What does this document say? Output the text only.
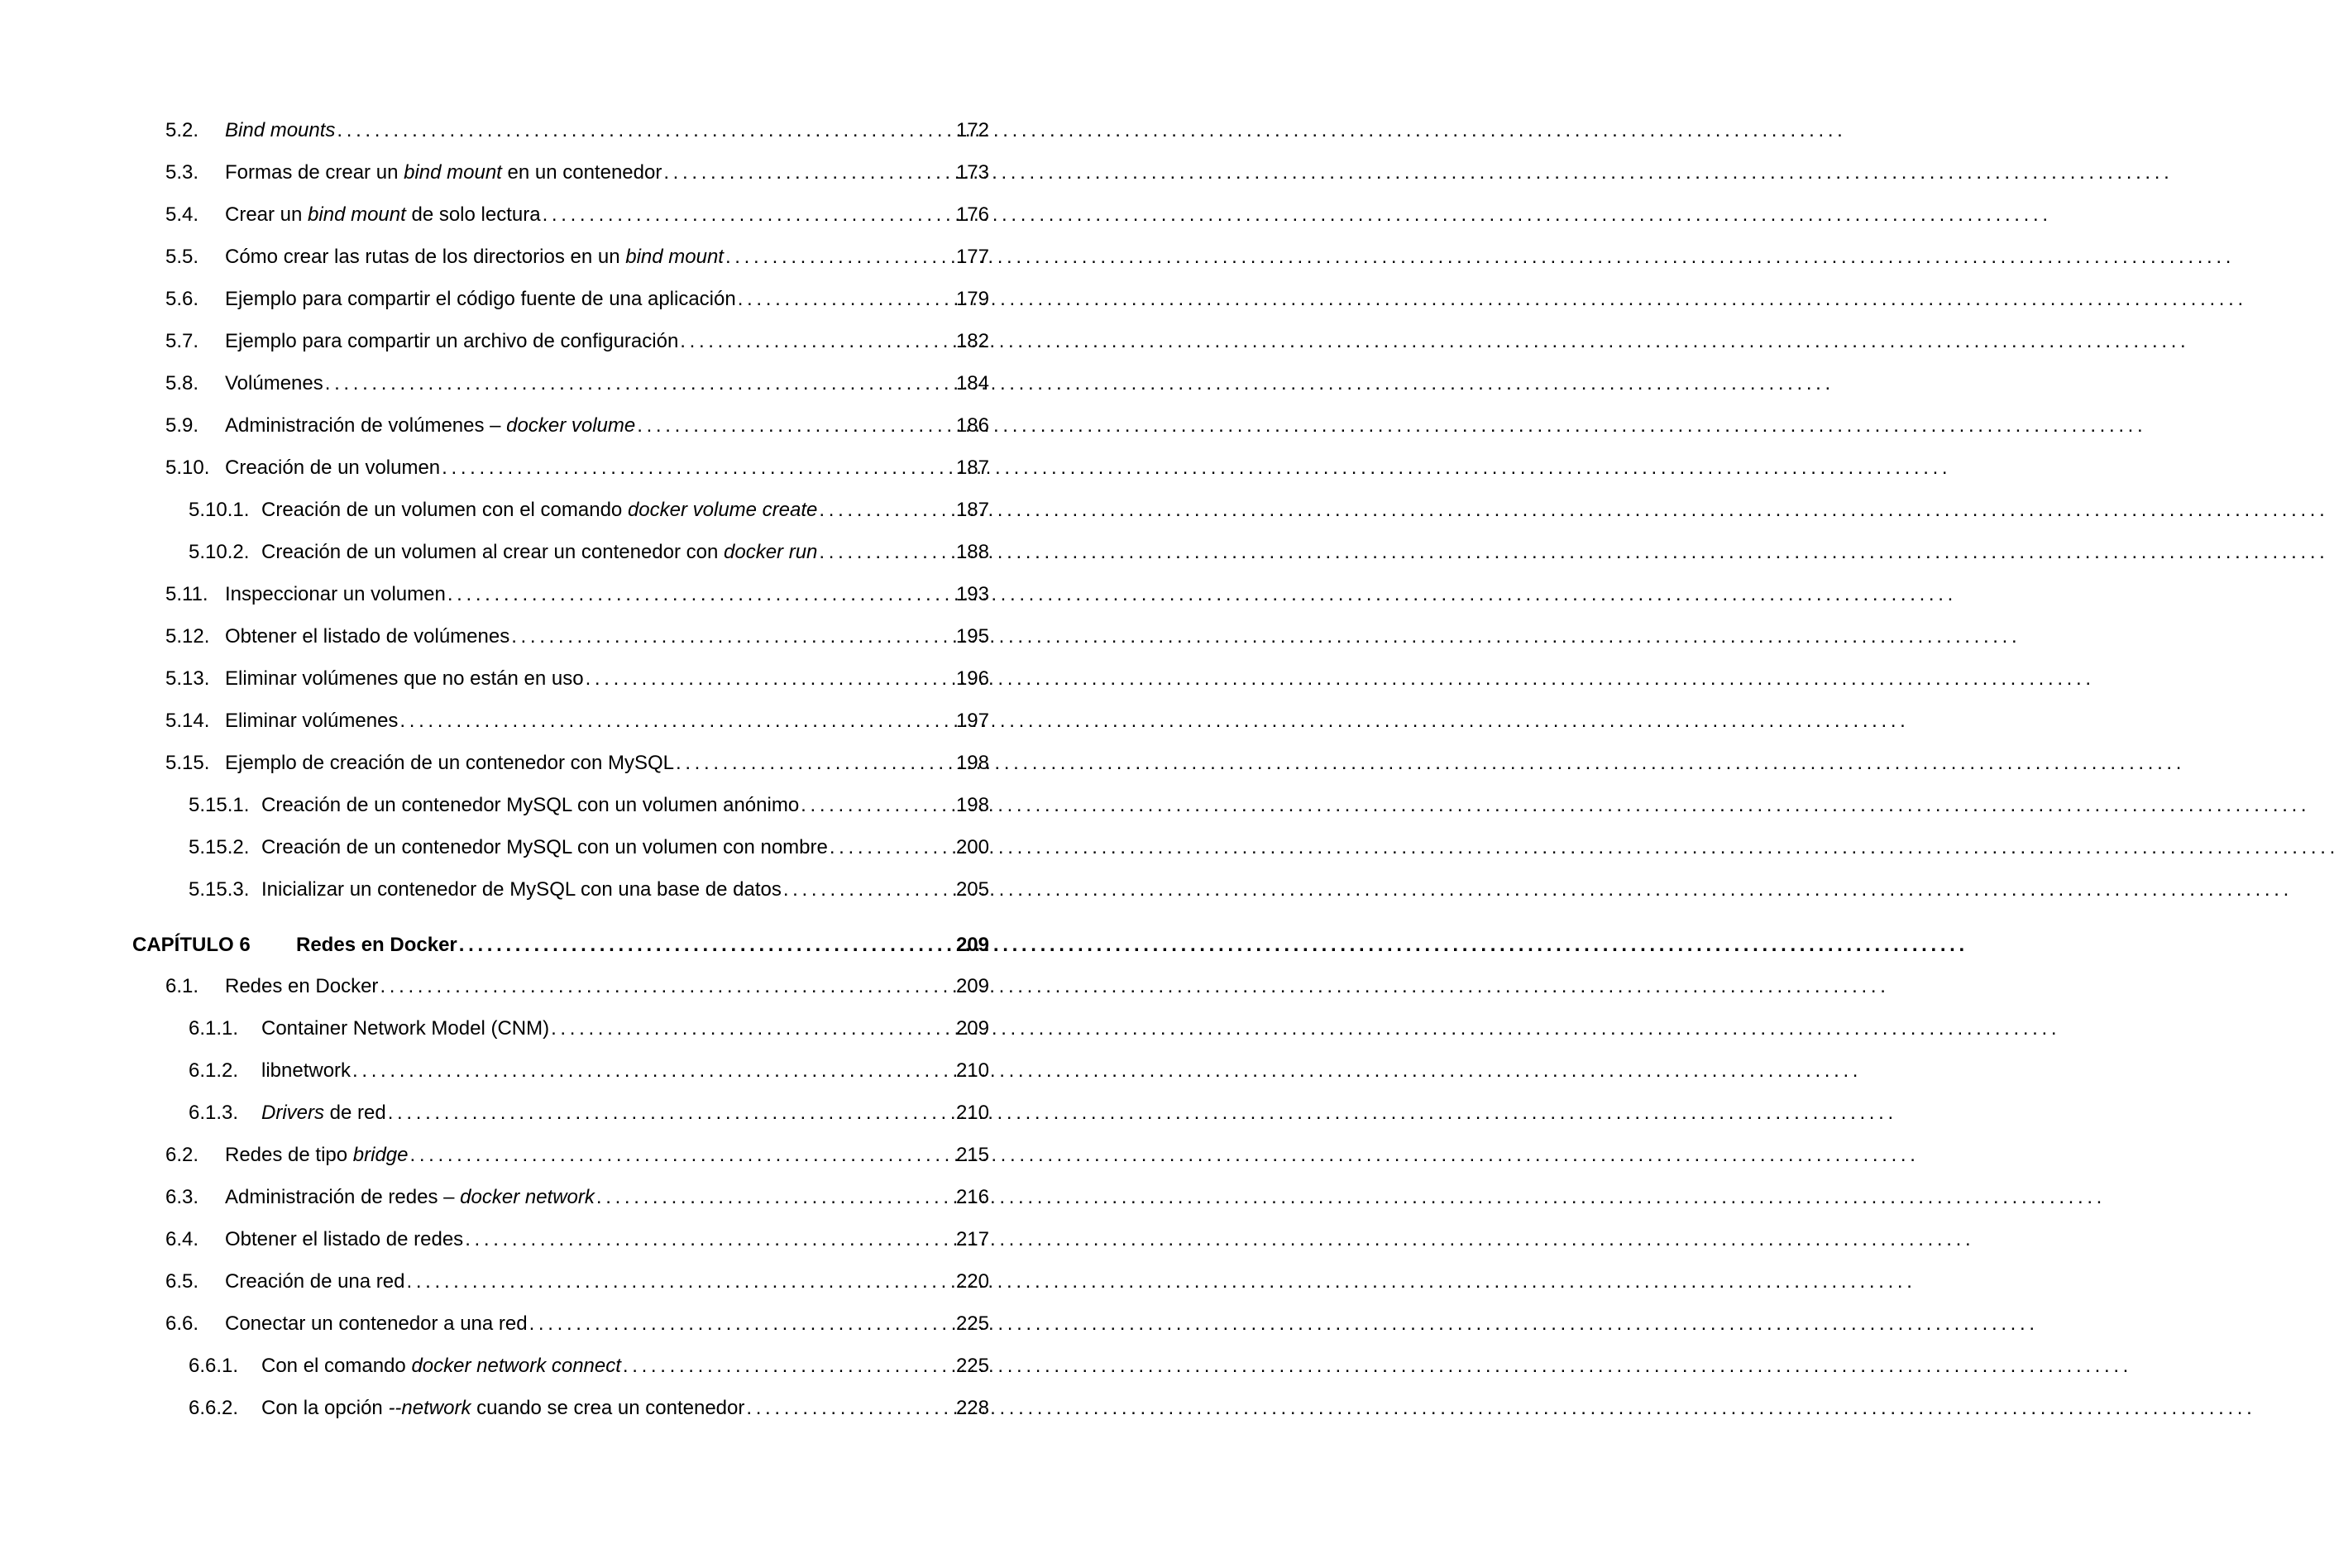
5.2.	Bind mounts . . .	172
5.3.	Formas de crear un bind mount en un contenedor . . .	173
5.4.	Crear un bind mount de solo lectura . . .	176
5.5.	Cómo crear las rutas de los directorios en un bind mount . . .	177
5.6.	Ejemplo para compartir el código fuente de una aplicación . . .	179
5.7.	Ejemplo para compartir un archivo de configuración . . .	182
5.8.	Volúmenes . . .	184
5.9.	Administración de volúmenes – docker volume . . .	186
5.10. Creación de un volumen . . .	187
5.10.1. Creación de un volumen con el comando docker volume create . . .	187
5.10.2. Creación de un volumen al crear un contenedor con docker run . . .	188
5.11. Inspeccionar un volumen . . .	193
5.12. Obtener el listado de volúmenes . . .	195
5.13. Eliminar volúmenes que no están en uso . . .	196
5.14. Eliminar volúmenes . . .	197
5.15. Ejemplo de creación de un contenedor con MySQL . . .	198
5.15.1. Creación de un contenedor MySQL con un volumen anónimo . . .	198
5.15.2. Creación de un contenedor MySQL con un volumen con nombre . . .	200
5.15.3. Inicializar un contenedor de MySQL con una base de datos . . .	205
CAPÍTULO 6	Redes en Docker . . .	209
6.1.	Redes en Docker . . .	209
6.1.1.	Container Network Model (CNM) . . .	209
6.1.2.	libnetwork . . .	210
6.1.3.	Drivers de red . . .	210
6.2.	Redes de tipo bridge . . .	215
6.3.	Administración de redes – docker network . . .	216
6.4.	Obtener el listado de redes . . .	217
6.5.	Creación de una red . . .	220
6.6.	Conectar un contenedor a una red . . .	225
6.6.1.	Con el comando docker network connect . . .	225
6.6.2.	Con la opción --network cuando se crea un contenedor . . .	228
